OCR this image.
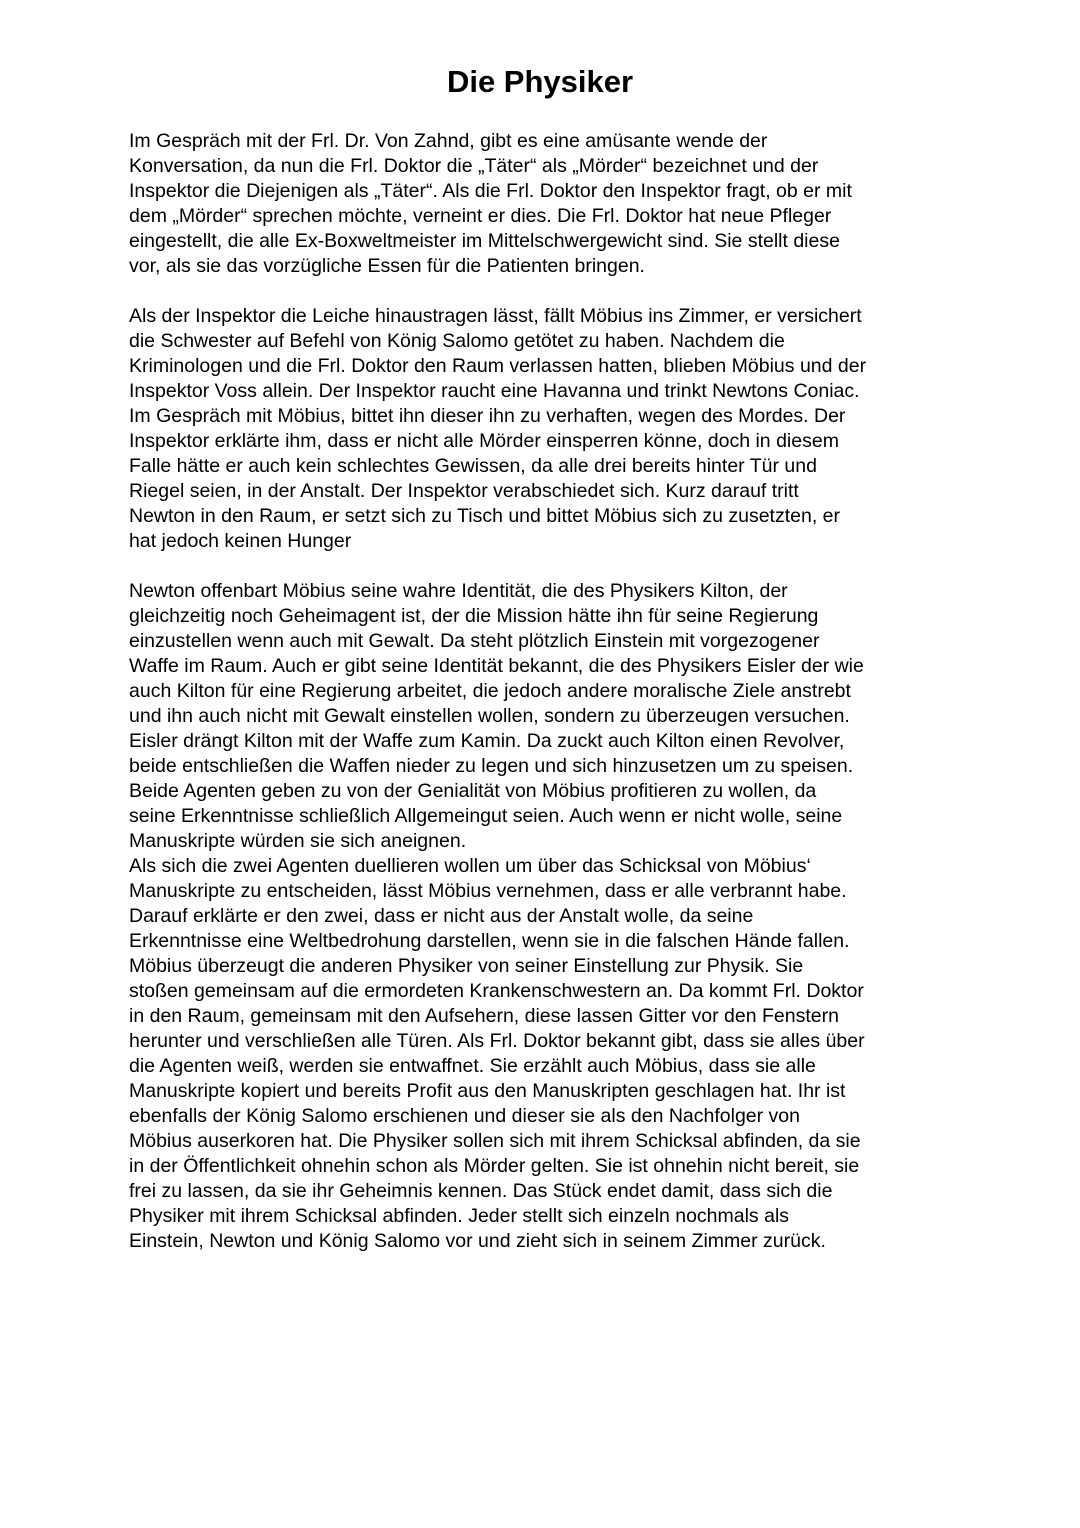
Die Physiker

Im Gespräch mit der Frl. Dr. Von Zahnd, gibt es eine amüsante wende der
Konversation, da nun die Frl. Doktor die „Täter“ als „Mörder“ bezeichnet und der
Inspektor die Diejenigen als „Täter“. Als die Frl. Doktor den Inspektor fragt, ob er mit
dem „Mörder“ sprechen möchte, verneint er dies. Die Frl. Doktor hat neue Pfleger
eingestellt, die alle Ex-Boxweltmeister im Mittelschwergewicht sind. Sie stellt diese
vor, als sie das vorzügliche Essen für die Patienten bringen.

Als der Inspektor die Leiche hinaustragen lässt, fällt Möbius ins Zimmer, er versichert
die Schwester auf Befehl von König Salomo getötet zu haben. Nachdem die
Kriminologen und die Frl. Doktor den Raum verlassen hatten, blieben Möbius und der
Inspektor Voss allein. Der Inspektor raucht eine Havanna und trinkt Newtons Coniac.
Im Gespräch mit Möbius, bittet ihn dieser ihn zu verhaften, wegen des Mordes. Der
Inspektor erklärte ihm, dass er nicht alle Mörder einsperren könne, doch in diesem
Falle hätte er auch kein schlechtes Gewissen, da alle drei bereits hinter Tür und
Riegel seien, in der Anstalt. Der Inspektor verabschiedet sich. Kurz darauf tritt
Newton in den Raum, er setzt sich zu Tisch und bittet Möbius sich zu zusetzten, er
hat jedoch keinen Hunger

Newton offenbart Möbius seine wahre Identität, die des Physikers Kilton, der
gleichzeitig noch Geheimagent ist, der die Mission hätte ihn für seine Regierung
einzustellen wenn auch mit Gewalt. Da steht plötzlich Einstein mit vorgezogener
Waffe im Raum. Auch er gibt seine Identität bekannt, die des Physikers Eisler der wie
auch Kilton für eine Regierung arbeitet, die jedoch andere moralische Ziele anstrebt
und ihn auch nicht mit Gewalt einstellen wollen, sondern zu überzeugen versuchen.
Eisler drängt Kilton mit der Waffe zum Kamin. Da zuckt auch Kilton einen Revolver,
beide entschließen die Waffen nieder zu legen und sich hinzusetzen um zu speisen.
Beide Agenten geben zu von der Genialität von Möbius profitieren zu wollen, da
seine Erkenntnisse schließlich Allgemeingut seien. Auch wenn er nicht wolle, seine
Manuskripte würden sie sich aneignen.

Als sich die zwei Agenten duellieren wollen um über das Schicksal von Möbius‘
Manuskripte zu entscheiden, lässt Möbius vernehmen, dass er alle verbrannt habe.
Darauf erklärte er den zwei, dass er nicht aus der Anstalt wolle, da seine
Erkenntnisse eine Weltbedrohung darstellen, wenn sie in die falschen Hände fallen.
Möbius überzeugt die anderen Physiker von seiner Einstellung zur Physik. Sie
stoßen gemeinsam auf die ermordeten Krankenschwestern an. Da kommt Frl. Doktor
in den Raum, gemeinsam mit den Aufsehern, diese lassen Gitter vor den Fenstern
herunter und verschließen alle Türen. Als Frl. Doktor bekannt gibt, dass sie alles über
die Agenten weiß, werden sie entwaffnet. Sie erzählt auch Möbius, dass sie alle
Manuskripte kopiert und bereits Profit aus den Manuskripten geschlagen hat. Ihr ist
ebenfalls der König Salomo erschienen und dieser sie als den Nachfolger von
Möbius auserkoren hat. Die Physiker sollen sich mit ihrem Schicksal abfinden, da sie
in der Öffentlichkeit ohnehin schon als Mörder gelten. Sie ist ohnehin nicht bereit, sie
frei zu lassen, da sie ihr Geheimnis kennen. Das Stück endet damit, dass sich die
Physiker mit ihrem Schicksal abfinden. Jeder stellt sich einzeln nochmals als
Einstein, Newton und König Salomo vor und zieht sich in seinem Zimmer zurück.
